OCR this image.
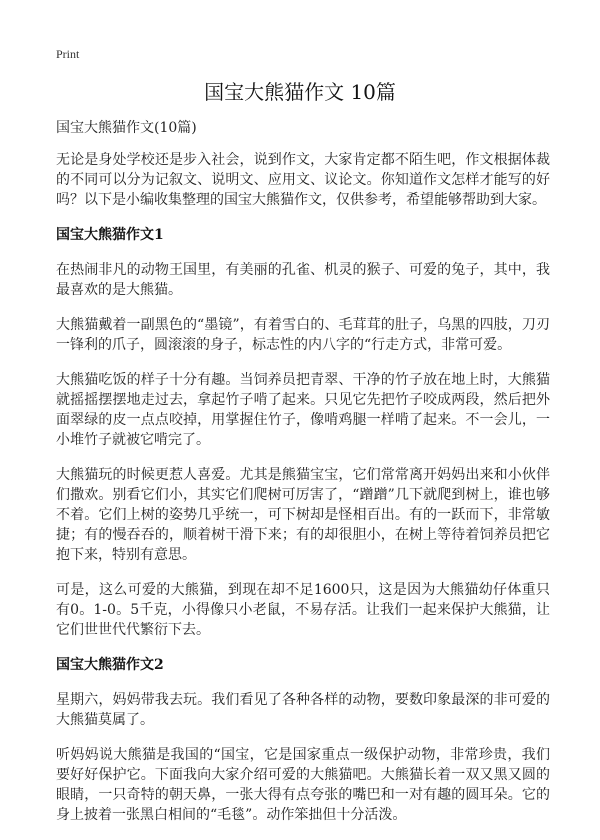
Print
国宝大熊猫作文 10篇

国宝大熊猫作文(10篇)

无论是身处学校还是步入社会，说到作文，大家肯定都不陌生吧，作文根据体裁的不同可以分为记叙文、说明文、应用文、议论文。你知道作文怎样才能写的好吗？以下是小编收集整理的国宝大熊猫作文，仅供参考，希望能够帮助到大家。

国宝大熊猫作文1

在热闹非凡的动物王国里，有美丽的孔雀、机灵的猴子、可爱的兔子，其中，我最喜欢的是大熊猫。

大熊猫戴着一副黑色的“墨镜”，有着雪白的、毛茸茸的肚子，乌黑的四肢，刀刃一锋利的爪子，圆滚滚的身子，标志性的内八字的“行走方式，非常可爱。

大熊猫吃饭的样子十分有趣。当饲养员把青翠、干净的竹子放在地上时，大熊猫就摇摇摆摆地走过去，拿起竹子啃了起来。只见它先把竹子咬成两段，然后把外面翠绿的皮一点点咬掉，用掌握住竹子，像啃鸡腿一样啃了起来。不一会儿，一小堆竹子就被它啃完了。

大熊猫玩的时候更惹人喜爱。尤其是熊猫宝宝，它们常常离开妈妈出来和小伙伴们撒欢。别看它们小，其实它们爬树可厉害了，“蹭蹭”几下就爬到树上，谁也够不着。它们上树的姿势几乎统一，可下树却是怪相百出。有的一跃而下，非常敏捷；有的慢吞吞的，顺着树干滑下来；有的却很胆小，在树上等待着饲养员把它抱下来，特别有意思。

可是，这么可爱的大熊猫，到现在却不足1600只，这是因为大熊猫幼仔体重只有0。1-0。5千克，小得像只小老鼠，不易存活。让我们一起来保护大熊猫，让它们世世代代繁衍下去。

国宝大熊猫作文2

星期六，妈妈带我去玩。我们看见了各种各样的动物，要数印象最深的非可爱的大熊猫莫属了。

听妈妈说大熊猫是我国的“国宝，它是国家重点一级保护动物，非常珍贵，我们要好好保护它。下面我向大家介绍可爱的大熊猫吧。大熊猫长着一双又黑又圆的眼睛，一只奇特的朝天鼻，一张大得有点夸张的嘴巴和一对有趣的圆耳朵。它的身上披着一张黑白相间的“毛毯”。动作笨拙但十分活泼。
